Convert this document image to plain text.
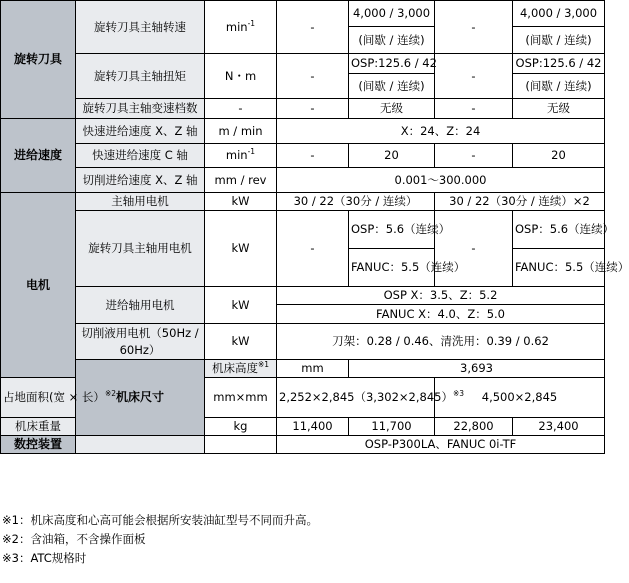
旋转刀具	旋转刀具主轴转速	$\min^{-1}$	-	4,000 / 3,000	-	4,000 / 3,000
				(间歇 / 连续)		(间歇 / 连续)
	旋转刀具主轴扭矩	N・m	-	OSP:125.6 / 42	-	OSP:125.6 / 42
				(间歇 / 连续)		(间歇 / 连续)
	旋转刀具主轴变速档数	-	-	无级	-	无级
进给速度	快速进给速度 X、Z 轴	m / min	X：24、Z：24			
	快速进给速度 C 轴	$\min^{-1}$	-	20	-	20
	切削进给速度 X、Z 轴	mm / rev	0.001～300.000			
电机	主轴用电机	kW	30 / 22（30分 / 连续）		30 / 22（30分 / 连续）×2	
	旋转刀具主轴用电机	kW	-	OSP：5.6（连续）	-	OSP：5.6（连续）
				FANUC：5.5（连续）		FANUC：5.5（连续）
	进给轴用电机	kW	OSP X：3.5、Z：5.2			
			FANUC X：4.0、Z：5.0			
	切削液用电机（50Hz / 60Hz）	kW	刀架：0.28 / 0.46、清洗用：0.39 / 0.62			
	机床尺寸	机床高度$^{※1}$	mm	3,693		
占地面积(宽 × 长）$^{※2}$		mm×mm	$2,252\times 2,845(3,302\times 2,845)^{※3}$		4,500×2,845	
机床重量		kg	11,400	11,700	22,800	23,400
数控装置			OSP-P300LA、FANUC 0i-TF			
※1：机床高度和心高可能会根据所安装油缸型号不同而升高。
※2：含油箱，不含操作面板
※3：ATC规格时
